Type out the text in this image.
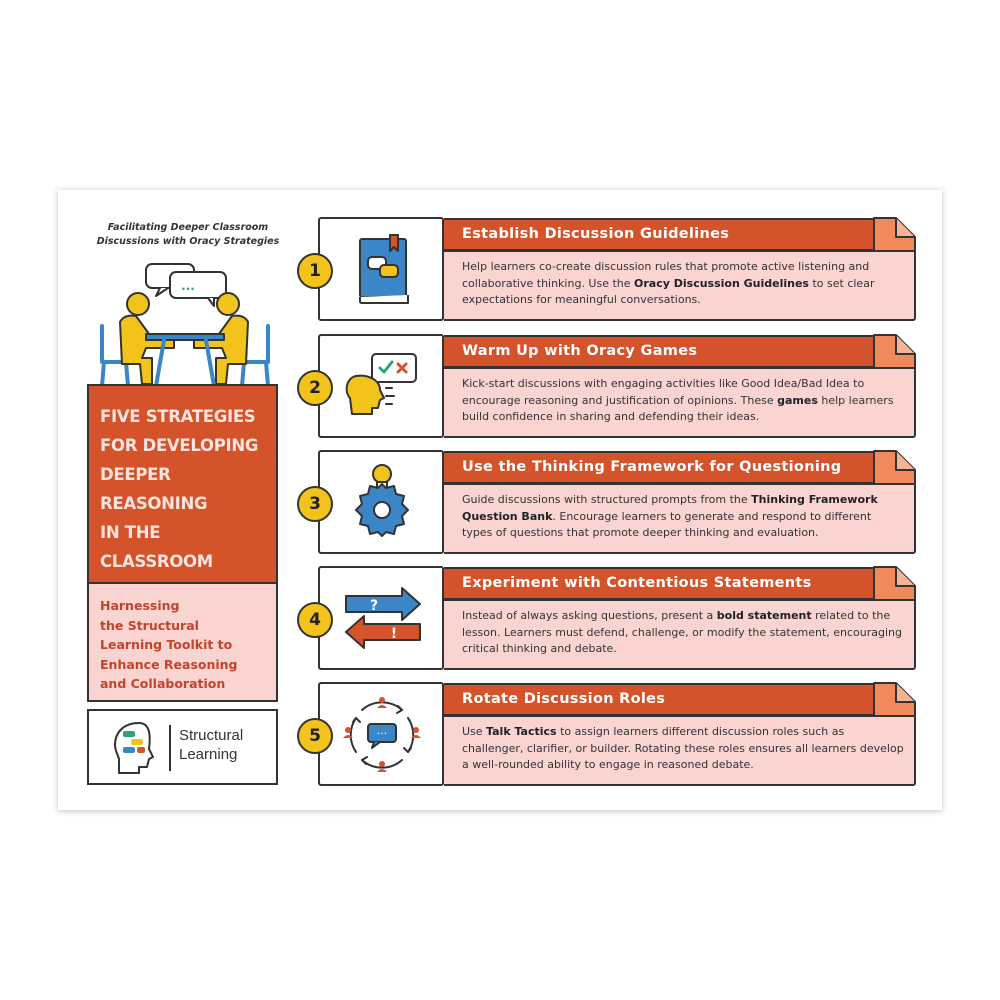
Facilitating Deeper Classroom
Discussions with Oracy Strategies
...
FIVE STRATEGIES
FOR DEVELOPING
DEEPER
REASONING
IN THE
CLASSROOM
Harnessing
the Structural
Learning Toolkit to
Enhance Reasoning
and Collaboration
Structural
Learning
1
Establish Discussion Guidelines
Help learners co-create discussion rules that promote active listening and collaborative thinking. Use the Oracy Discussion Guidelines to set clear expectations for meaningful conversations.
2
Warm Up with Oracy Games
Kick-start discussions with engaging activities like Good Idea/Bad Idea to encourage reasoning and justification of opinions. These games help learners build confidence in sharing and defending their ideas.
3
Use the Thinking Framework for Questioning
Guide discussions with structured prompts from the Thinking Framework Question Bank. Encourage learners to generate and respond to different types of questions that promote deeper thinking and evaluation.
4
?
!
Experiment with Contentious Statements
Instead of always asking questions, present a bold statement related to the lesson. Learners must defend, challenge, or modify the statement, encouraging critical thinking and debate.
5	···
Rotate Discussion Roles
Use Talk Tactics to assign learners different discussion roles such as challenger, clarifier, or builder. Rotating these roles ensures all learners develop a well-rounded ability to engage in reasoned debate.
